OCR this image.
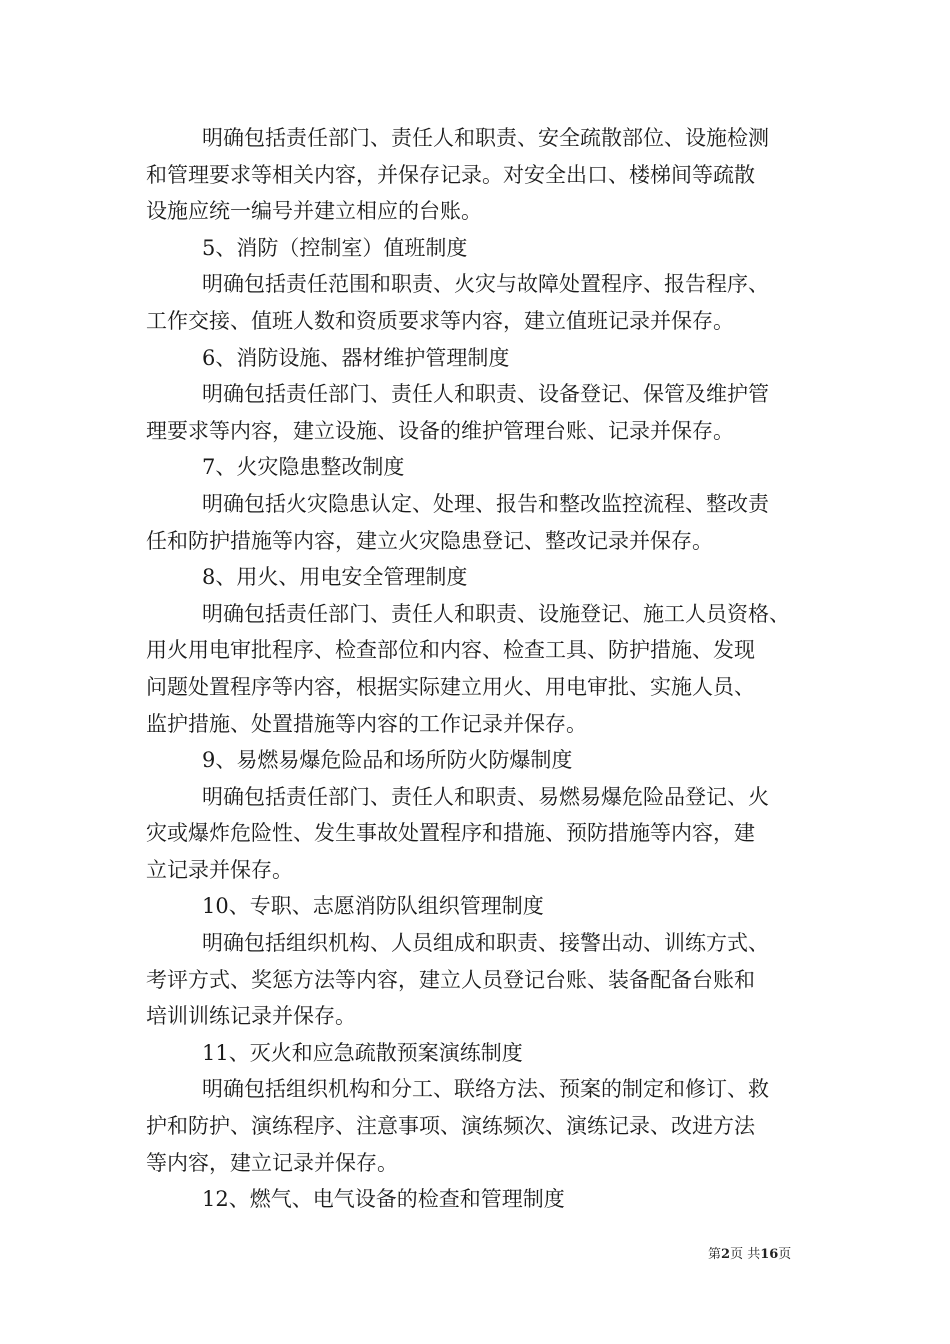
明确包括责任部门、责任人和职责、安全疏散部位、设施检测
和管理要求等相关内容，并保存记录。对安全出口、楼梯间等疏散
设施应统一编号并建立相应的台账。
5、消防（控制室）值班制度
明确包括责任范围和职责、火灾与故障处置程序、报告程序、
工作交接、值班人数和资质要求等内容，建立值班记录并保存。
6、消防设施、器材维护管理制度
明确包括责任部门、责任人和职责、设备登记、保管及维护管
理要求等内容，建立设施、设备的维护管理台账、记录并保存。
7、火灾隐患整改制度
明确包括火灾隐患认定、处理、报告和整改监控流程、整改责
任和防护措施等内容，建立火灾隐患登记、整改记录并保存。
8、用火、用电安全管理制度
明确包括责任部门、责任人和职责、设施登记、施工人员资格、
用火用电审批程序、检查部位和内容、检查工具、防护措施、发现
问题处置程序等内容，根据实际建立用火、用电审批、实施人员、
监护措施、处置措施等内容的工作记录并保存。
9、易燃易爆危险品和场所防火防爆制度
明确包括责任部门、责任人和职责、易燃易爆危险品登记、火
灾或爆炸危险性、发生事故处置程序和措施、预防措施等内容，建
立记录并保存。
10、专职、志愿消防队组织管理制度
明确包括组织机构、人员组成和职责、接警出动、训练方式、
考评方式、奖惩方法等内容，建立人员登记台账、装备配备台账和
培训训练记录并保存。
11、灭火和应急疏散预案演练制度
明确包括组织机构和分工、联络方法、预案的制定和修订、救
护和防护、演练程序、注意事项、演练频次、演练记录、改进方法
等内容，建立记录并保存。
12、燃气、电气设备的检查和管理制度
第2页 共16页
